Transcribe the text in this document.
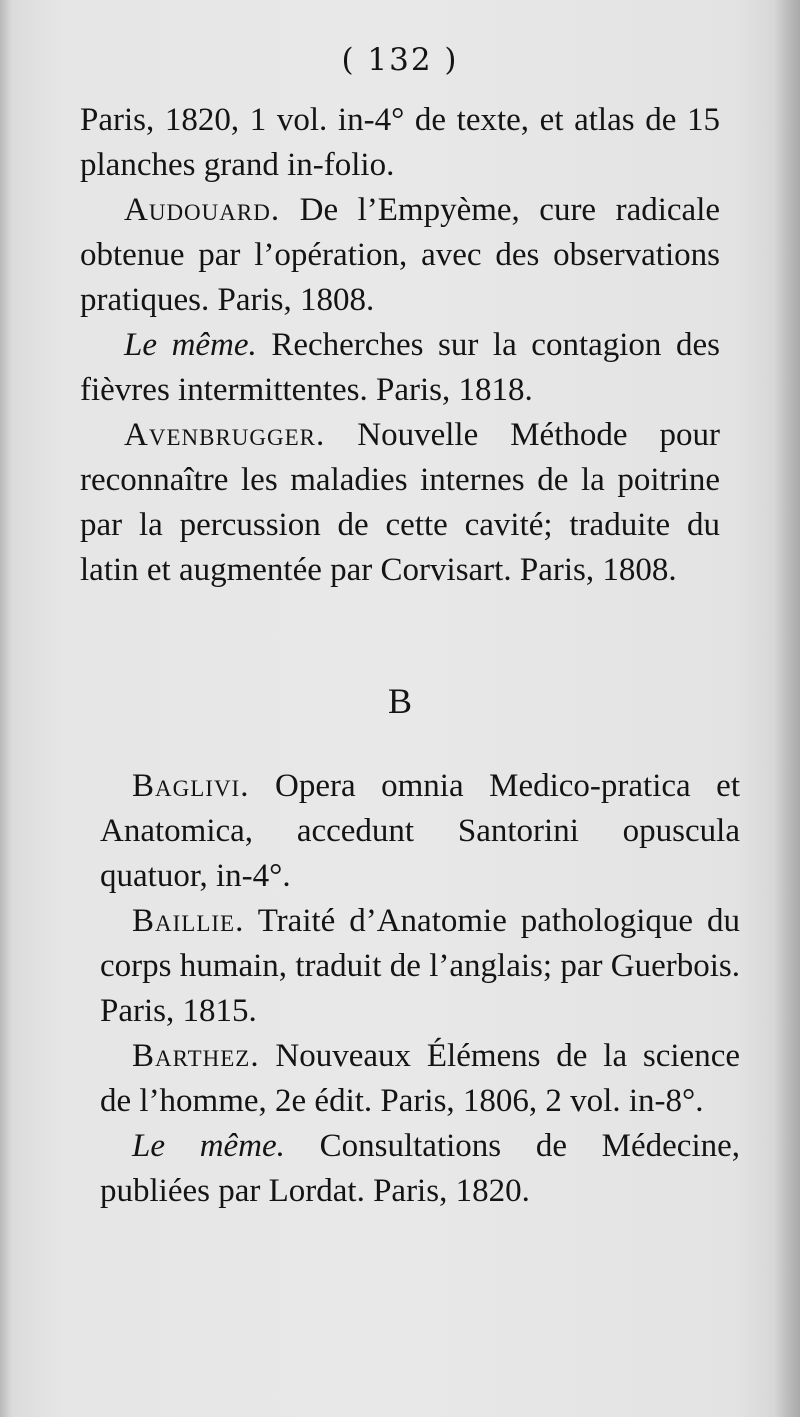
( 132 )

Paris, 1820, 1 vol. in-4° de texte, et atlas de 15 planches grand in-folio.

Audouard. De l’Empyème, cure radicale obtenue par l’opération, avec des observations pratiques. Paris, 1808.

Le même. Recherches sur la contagion des fièvres intermittentes. Paris, 1818.

Avenbrugger. Nouvelle Méthode pour reconnaître les maladies internes de la poitrine par la percussion de cette cavité; traduite du latin et augmentée par Corvisart. Paris, 1808.

B

Baglivi. Opera omnia Medico-pratica et Anatomica, accedunt Santorini opuscula quatuor, in-4°.

Baillie. Traité d’Anatomie pathologique du corps humain, traduit de l’anglais; par Guerbois. Paris, 1815.

Barthez. Nouveaux Élémens de la science de l’homme, 2e édit. Paris, 1806, 2 vol. in-8°.

Le même. Consultations de Médecine, publiées par Lordat. Paris, 1820.
